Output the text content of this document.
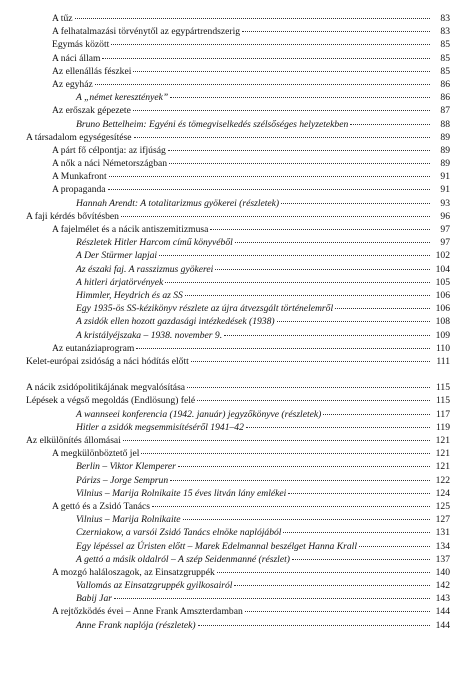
A tűz	83
A felhatalmazási törvénytől az egypártrendszerig	83
Egymás között	85
A náci állam	85
Az ellenállás fészkei	85
Az egyház	86
A „német keresztények”	86
Az erőszak gépezete	87
Bruno Bettelheim: Egyéni és tömegviselkedés szélsőséges helyzetekben	88
A társadalom egységesítése	89
A párt fő célpontja: az ifjúság	89
A nők a náci Németországban	89
A Munkafront	91
A propaganda	91
Hannah Arendt: A totalitarizmus gyökerei (részletek)	93
A faji kérdés bővítésben	96
A fajelmélet és a nácik antiszemitizmusa	97
Részletek Hitler Harcom című könyvéből	97
A Der Stürmer lapjai	102
Az északi faj. A rasszizmus gyökerei	104
A hitleri árjatörvények	105
Himmler, Heydrich és az SS	106
Egy 1935-ös SS-kézikönyv részlete az újra átvezsgált történelemről	106
A zsidók ellen hozott gazdasági intézkedések (1938)	108
A kristályéjszaka – 1938. november 9.	109
Az eutanáziaprogram	110
Kelet-európai zsidóság a náci hódítás előtt	111
A nácik zsidópolitikájának megvalósítása	115
Lépések a végső megoldás (Endlösung) felé	115
A wannseei konferencia (1942. január) jegyzőkönyve (részletek)	117
Hitler a zsidók megsemmisítéséről 1941–42	119
Az elkülönítés állomásai	121
A megkülönböztető jel	121
Berlin – Viktor Klemperer	121
Párizs – Jorge Semprun	122
Vilnius – Marija Rolnikaite 15 éves litván lány emlékei	124
A gettó és a Zsidó Tanács	125
Vilnius – Marija Rolnikaite	127
Czerniakow, a varsói Zsidó Tanács elnöke naplójából	131
Egy lépéssel az Úristen előtt – Marek Edelmannal beszélget Hanna Krall	134
A gettó a másik oldalról – A szép Seidenmanné (részlet)	137
A mozgó haláloszagok, az Einsatzgruppék	140
Vallomás az Einsatzgruppék gyilkosairól	142
Babij Jar	143
A rejtőzködés évei – Anne Frank Amszterdamban	144
Anne Frank naplója (részletek)	144
